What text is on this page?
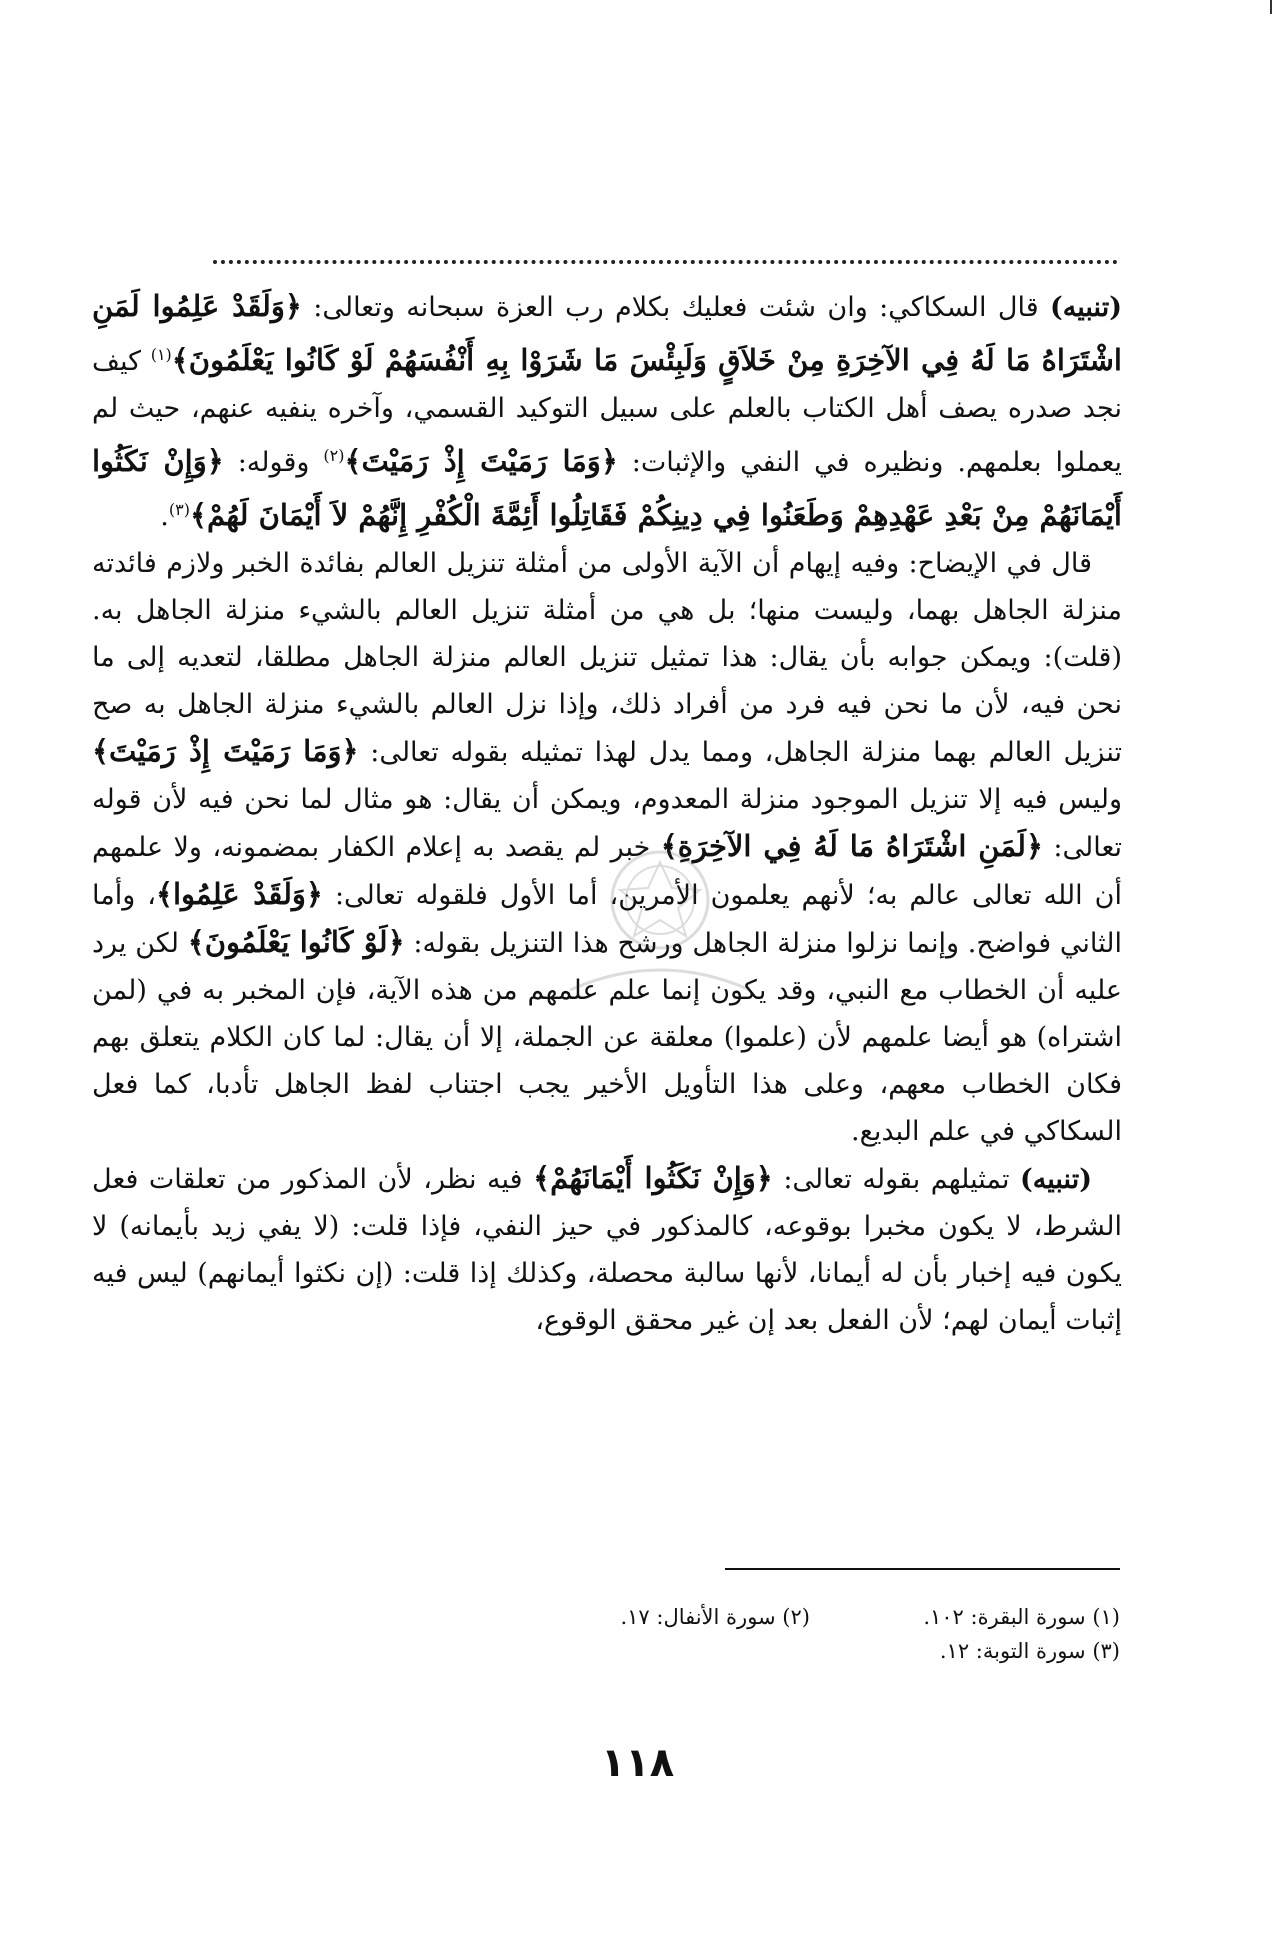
(تنبيه) قال السكاكي: وان شئت فعليك بكلام رب العزة سبحانه وتعالى: ﴿وَلَقَدْ عَلِمُوا لَمَنِ اشْتَرَاهُ مَا لَهُ فِي الآخِرَةِ مِنْ خَلاَقٍ وَلَبِئْسَ مَا شَرَوْا بِهِ أَنْفُسَهُمْ لَوْ كَانُوا يَعْلَمُونَ﴾$^{(١)}$ كيف نجد صدره يصف أهل الكتاب بالعلم على سبيل التوكيد القسمي، وآخره ينفيه عنهم، حيث لم يعملوا بعلمهم. ونظيره في النفي والإثبات: ﴿وَمَا رَمَيْتَ إِذْ رَمَيْتَ﴾$^{(٢)}$ وقوله: ﴿وَإِنْ نَكَثُوا أَيْمَانَهُمْ مِنْ بَعْدِ عَهْدِهِمْ وَطَعَنُوا فِي دِينِكُمْ فَقَاتِلُوا أَئِمَّةَ الْكُفْرِ إِنَّهُمْ لاَ أَيْمَانَ لَهُمْ﴾$^{(٣)}$.

قال في الإيضاح: وفيه إيهام أن الآية الأولى من أمثلة تنزيل العالم بفائدة الخبر ولازم فائدته منزلة الجاهل بهما، وليست منها؛ بل هي من أمثلة تنزيل العالم بالشيء منزلة الجاهل به. (قلت): ويمكن جوابه بأن يقال: هذا تمثيل تنزيل العالم منزلة الجاهل مطلقا، لتعديه إلى ما نحن فيه، لأن ما نحن فيه فرد من أفراد ذلك، وإذا نزل العالم بالشيء منزلة الجاهل به صح تنزيل العالم بهما منزلة الجاهل، ومما يدل لهذا تمثيله بقوله تعالى: ﴿وَمَا رَمَيْتَ إِذْ رَمَيْتَ﴾ وليس فيه إلا تنزيل الموجود منزلة المعدوم، ويمكن أن يقال: هو مثال لما نحن فيه لأن قوله تعالى: ﴿لَمَنِ اشْتَرَاهُ مَا لَهُ فِي الآخِرَةِ﴾ خبر لم يقصد به إعلام الكفار بمضمونه، ولا علمهم أن الله تعالى عالم به؛ لأنهم يعلمون الأمرين، أما الأول فلقوله تعالى: ﴿وَلَقَدْ عَلِمُوا﴾، وأما الثاني فواضح. وإنما نزلوا منزلة الجاهل ورشح هذا التنزيل بقوله: ﴿لَوْ كَانُوا يَعْلَمُونَ﴾ لكن يرد عليه أن الخطاب مع النبي، وقد يكون إنما علم علمهم من هذه الآية، فإن المخبر به في (لمن اشتراه) هو أيضا علمهم لأن (علموا) معلقة عن الجملة، إلا أن يقال: لما كان الكلام يتعلق بهم فكان الخطاب معهم، وعلى هذا التأويل الأخير يجب اجتناب لفظ الجاهل تأدبا، كما فعل السكاكي في علم البديع.

(تنبيه) تمثيلهم بقوله تعالى: ﴿وَإِنْ نَكَثُوا أَيْمَانَهُمْ﴾ فيه نظر، لأن المذكور من تعلقات فعل الشرط، لا يكون مخبرا بوقوعه، كالمذكور في حيز النفي، فإذا قلت: (لا يفي زيد بأيمانه) لا يكون فيه إخبار بأن له أيمانا، لأنها سالبة محصلة، وكذلك إذا قلت: (إن نكثوا أيمانهم) ليس فيه إثبات أيمان لهم؛ لأن الفعل بعد إن غير محقق الوقوع،

(١) سورة البقرة: ١٠٢.
(٢) سورة الأنفال: ١٧.
(٣) سورة التوبة: ١٢.
١١٨
